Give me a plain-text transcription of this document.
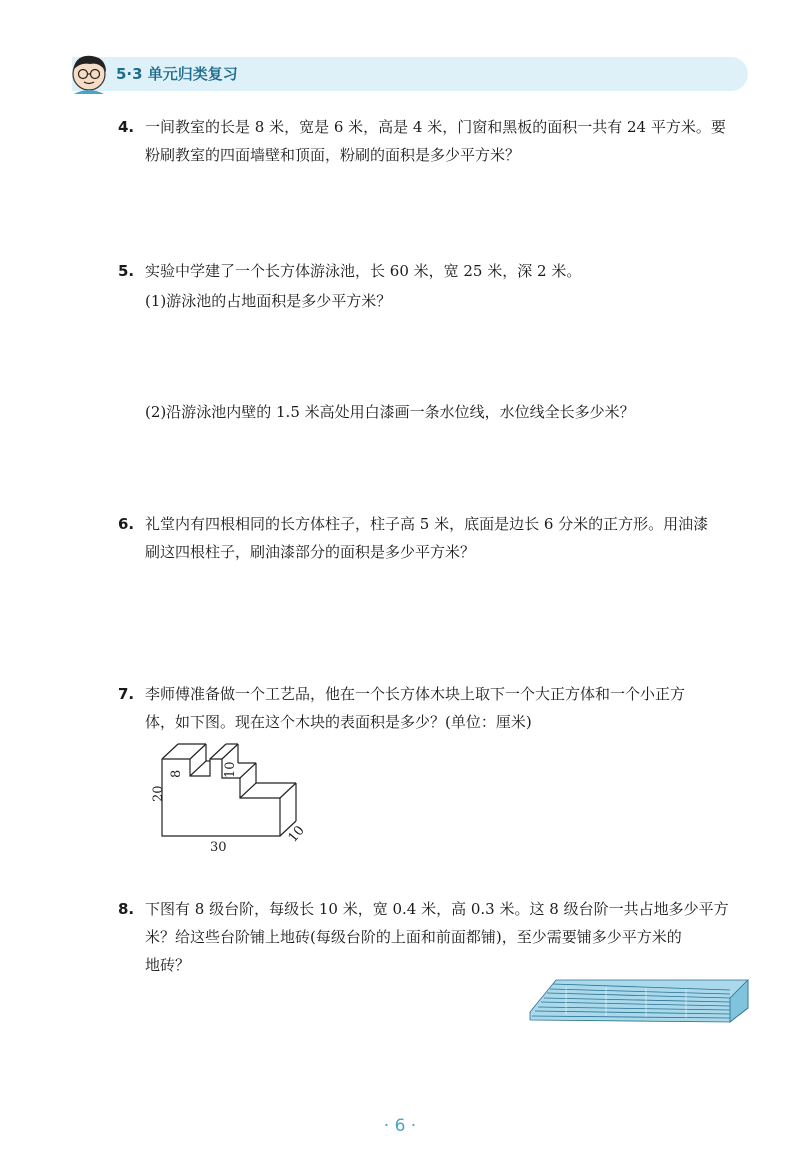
5·3 单元归类复习
4. 一间教室的长是 8 米，宽是 6 米，高是 4 米，门窗和黑板的面积一共有 24 平方米。要
粉刷教室的四面墙壁和顶面，粉刷的面积是多少平方米？
5. 实验中学建了一个长方体游泳池，长 60 米，宽 25 米，深 2 米。
(1)游泳池的占地面积是多少平方米？
(2)沿游泳池内壁的 1.5 米高处用白漆画一条水位线，水位线全长多少米？
6. 礼堂内有四根相同的长方体柱子，柱子高 5 米，底面是边长 6 分米的正方形。用油漆
刷这四根柱子，刷油漆部分的面积是多少平方米？
7. 李师傅准备做一个工艺品，他在一个长方体木块上取下一个大正方体和一个小正方
体，如下图。现在这个木块的表面积是多少？(单位：厘米)
8	10
20
30
10
8. 下图有 8 级台阶，每级长 10 米，宽 0.4 米，高 0.3 米。这 8 级台阶一共占地多少平方
米？给这些台阶铺上地砖(每级台阶的上面和前面都铺)，至少需要铺多少平方米的
地砖？
· 6 ·
